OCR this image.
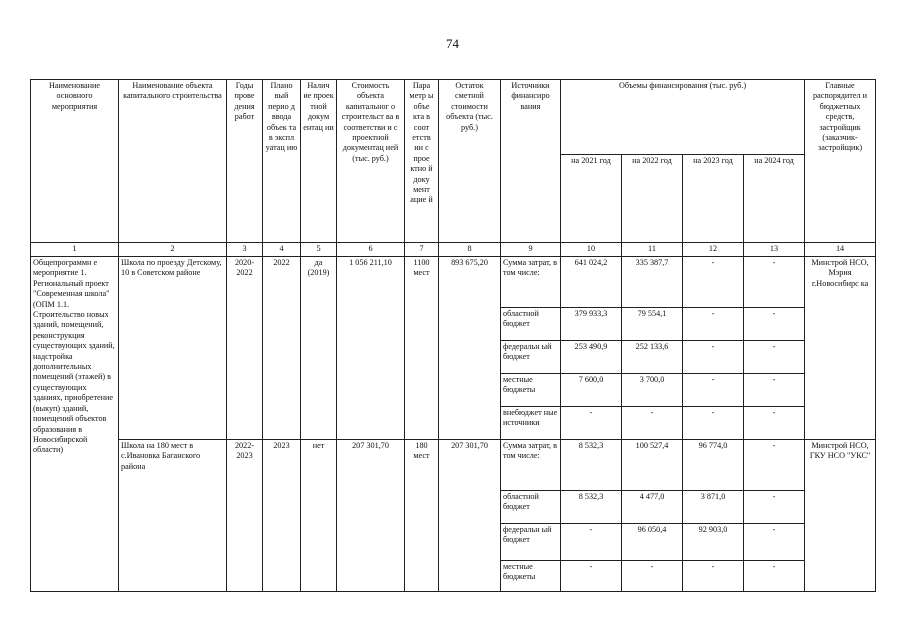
74
Наименование основного мероприятия	Наименование объекта капитального строительства	Годы прове дения работ	Плано вый перио д ввода объек та в экспл уатац ию	Налич ие проек тной докум ентац ии	Стоимость объекта капитальног о строительст ва в соответстви и с проектной документац ией (тыс. руб.)	Пара метр ы объе кта в соот етств ии с прое ктно й доку мент ацие й	Остаток сметной стоимости объекта (тыс. руб.)	Источники финансиро вания	Объемы финансирования (тыс. руб.)				Главные распорядител и бюджетных средств, застройщик (заказчик-застройщик)
									на 2021 год	на 2022 год	на 2023 год	на 2024 год	
1	2	3	4	5	6	7	8	9	10	11	12	13	14
Общепрограммн е мероприятие 1. Региональный проект "Современная школа" (ОПМ 1.1. Строительство новых зданий, помещений, реконструкция существующих зданий, надстройка дополнительных помещений (этажей) в существующих зданиях, приобретение (выкуп) зданий, помещений объектов образования в Новосибирской области)	Школа по проезду Детскому, 10 в Советском районе	2020-2022	2022	да (2019)	1 056 211,10	1100 мест	893 675,20	Сумма затрат, в том числе:	641 024,2	335 387,7	-	-	Минстрой НСО, Мэрия г.Новосибирс ка
								областной бюджет	379 933,3	79 554,1	-	-	
								федеральн ый бюджет	253 490,9	252 133,6	-	-	
								местные бюджеты	7 600,0	3 700,0	-	-	
								внебюджет ные источники	-	-	-	-	
	Школа на 180 мест в с.Ивановка Баганского района	2022-2023	2023	нет	207 301,70	180 мест	207 301,70	Сумма затрат, в том числе:	8 532,3	100 527,4	96 774,0	-	Минстрой НСО, ГКУ НСО "УКС"
								областной бюджет	8 532,3	4 477,0	3 871,0	-	
								федеральн ый бюджет	-	96 050,4	92 903,0	-	
								местные бюджеты	-	-	-	-	
